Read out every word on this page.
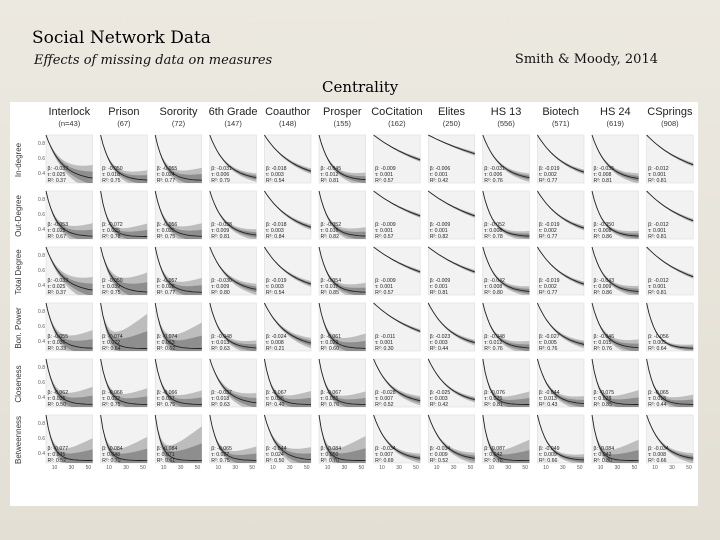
Social Network Data
Effects of missing data on measures	Smith & Moody, 2014
Centrality
Interlock
(n=43)
Prison
(67)
Sorority
(72)
6th Grade
(147)
Coauthor
(148)
Prosper
(155)
CoCitation
(162)
Elites
(250)
HS 13
(556)
Biotech
(571)
HS 24
(619)
CSprings
(908)
In-degree
Out-Degree
Total Degree
Bon. Power
Closeness
Betweenness
β: -0.033
τ: 0.025
R²: 0.37
0.8
0.6
0.4
β: -0.050
τ: 0.018
R²: 0.75
β: -0.055
τ: 0.024
R²: 0.77
β: -0.031
τ: 0.006
R²: 0.79
β: -0.018
τ: 0.003
R²: 0.54
β: -0.045
τ: 0.012
R²: 0.81
β: -0.009
τ: 0.001
R²: 0.57
β: -0.006
τ: 0.001
R²: 0.42
β: -0.031
τ: 0.006
R²: 0.76
β: -0.019
τ: 0.002
R²: 0.77
β: -0.035
τ: 0.008
R²: 0.81
β: -0.012
τ: 0.001
R²: 0.81
β: -0.053
τ: 0.025
R²: 0.67
0.8
0.6
0.4
β: -0.072
τ: 0.025
R²: 0.78
β: -0.056
τ: 0.025
R²: 0.75
β: -0.038
τ: 0.009
R²: 0.81
β: -0.018
τ: 0.003
R²: 0.84
β: -0.052
τ: 0.016
R²: 0.82
β: -0.009
τ: 0.001
R²: 0.57
β: -0.009
τ: 0.001
R²: 0.82
β: -0.052
τ: 0.008
R²: 0.78
β: -0.019
τ: 0.002
R²: 0.77
β: -0.050
τ: 0.008
R²: 0.86
β: -0.012
τ: 0.001
R²: 0.81
β: -0.033
τ: 0.025
R²: 0.37
0.8
0.6
0.4
β: -0.050
τ: 0.039
R²: 0.75
β: -0.057
τ: 0.028
R²: 0.77
β: -0.030
τ: 0.009
R²: 0.80
β: -0.019
τ: 0.003
R²: 0.54
β: -0.054
τ: 0.017
R²: 0.85
β: -0.009
τ: 0.001
R²: 0.57
β: -0.009
τ: 0.001
R²: 0.81
β: -0.042
τ: 0.008
R²: 0.80
β: -0.019
τ: 0.002
R²: 0.77
β: -0.043
τ: 0.009
R²: 0.86
β: -0.012
τ: 0.001
R²: 0.81
β: -0.055
τ: 0.036
R²: 0.33
0.8
0.6
0.4
β: -0.074
τ: 0.072
R²: 0.64
β: -0.074
τ: 0.053
R²: 0.62
β: -0.048
τ: 0.013
R²: 0.63
β: -0.024
τ: 0.008
R²: 0.21
β: -0.061
τ: 0.029
R²: 0.60
β: -0.011
τ: 0.001
R²: 0.30
β: -0.023
τ: 0.003
R²: 0.44
β: -0.048
τ: 0.012
R²: 0.76
β: -0.027
τ: 0.005
R²: 0.76
β: -0.046
τ: 0.015
R²: 0.76
β: -0.056
τ: 0.005
R²: 0.64
β: -0.062
τ: 0.035
R²: 0.50
0.8
0.6
0.4
β: -0.066
τ: 0.032
R²: 0.75
β: -0.066
τ: 0.027
R²: 0.75
β: -0.037
τ: 0.018
R²: 0.63
β: -0.067
τ: 0.026
R²: 0.40
β: -0.067
τ: 0.025
R²: 0.76
β: -0.028
τ: 0.007
R²: 0.52
β: -0.025
τ: 0.003
R²: 0.42
β: -0.076
τ: 0.025
R²: 0.81
β: -0.044
τ: 0.013
R²: 0.43
β: -0.075
τ: 0.028
R²: 0.85
β: -0.065
τ: 0.018
R²: 0.44
β: -0.077
τ: 0.045
R²: 0.52
0.8
0.6
0.4
10 30 50
β: -0.084
τ: 0.048
R²: 0.70
10 30 50
β: -0.084
τ: 0.071
R²: 0.61
10 30 50
β: -0.065
τ: 0.027
R²: 0.75
10 30 50
β: -0.044
τ: 0.024
R²: 0.50
10 30 50
β: -0.084
τ: 0.050
R²: 0.70
10 30 50
β: -0.034
τ: 0.007
R²: 0.69
10 30 50
β: -0.034
τ: 0.009
R²: 0.52
10 30 50
β: -0.087
τ: 0.042
R²: 0.78
10 30 50
β: -0.049
τ: 0.009
R²: 0.66
10 30 50
β: -0.084
τ: 0.042
R²: 0.80
10 30 50
β: -0.034
τ: 0.008
R²: 0.66
10 30 50
